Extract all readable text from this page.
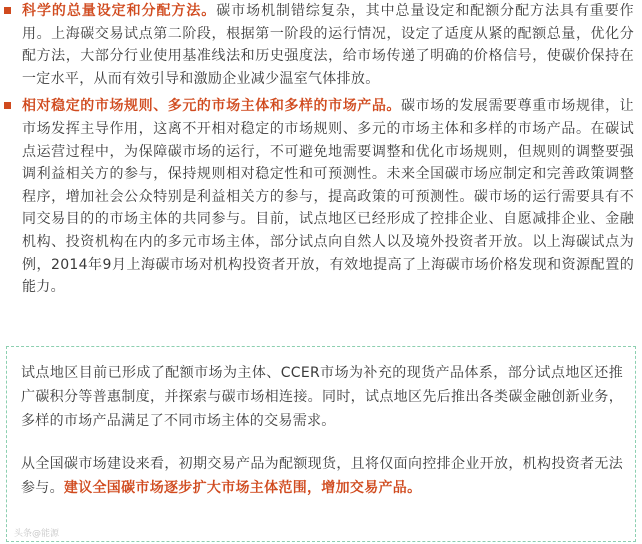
科学的总量设定和分配方法。碳市场机制错综复杂，其中总量设定和配额分配方法具有重要作用。上海碳交易试点第二阶段，根据第一阶段的运行情况，设定了适度从紧的配额总量，优化分配方法，大部分行业使用基准线法和历史强度法，给市场传递了明确的价格信号，使碳价保持在一定水平，从而有效引导和激励企业减少温室气体排放。
相对稳定的市场规则、多元的市场主体和多样的市场产品。碳市场的发展需要尊重市场规律，让市场发挥主导作用，这离不开相对稳定的市场规则、多元的市场主体和多样的市场产品。在碳试点运营过程中，为保障碳市场的运行，不可避免地需要调整和优化市场规则，但规则的调整要强调利益相关方的参与，保持规则相对稳定性和可预测性。未来全国碳市场应制定和完善政策调整程序，增加社会公众特别是利益相关方的参与，提高政策的可预测性。碳市场的运行需要具有不同交易目的的市场主体的共同参与。目前，试点地区已经形成了控排企业、自愿减排企业、金融机构、投资机构在内的多元市场主体，部分试点向自然人以及境外投资者开放。以上海碳试点为例，2014年9月上海碳市场对机构投资者开放，有效地提高了上海碳市场价格发现和资源配置的能力。

试点地区目前已形成了配额市场为主体、CCER市场为补充的现货产品体系，部分试点地区还推广碳积分等普惠制度，并探索与碳市场相连接。同时，试点地区先后推出各类碳金融创新业务，多样的市场产品满足了不同市场主体的交易需求。

从全国碳市场建设来看，初期交易产品为配额现货，且将仅面向控排企业开放，机构投资者无法参与。建议全国碳市场逐步扩大市场主体范围，增加交易产品。

头条@能源
